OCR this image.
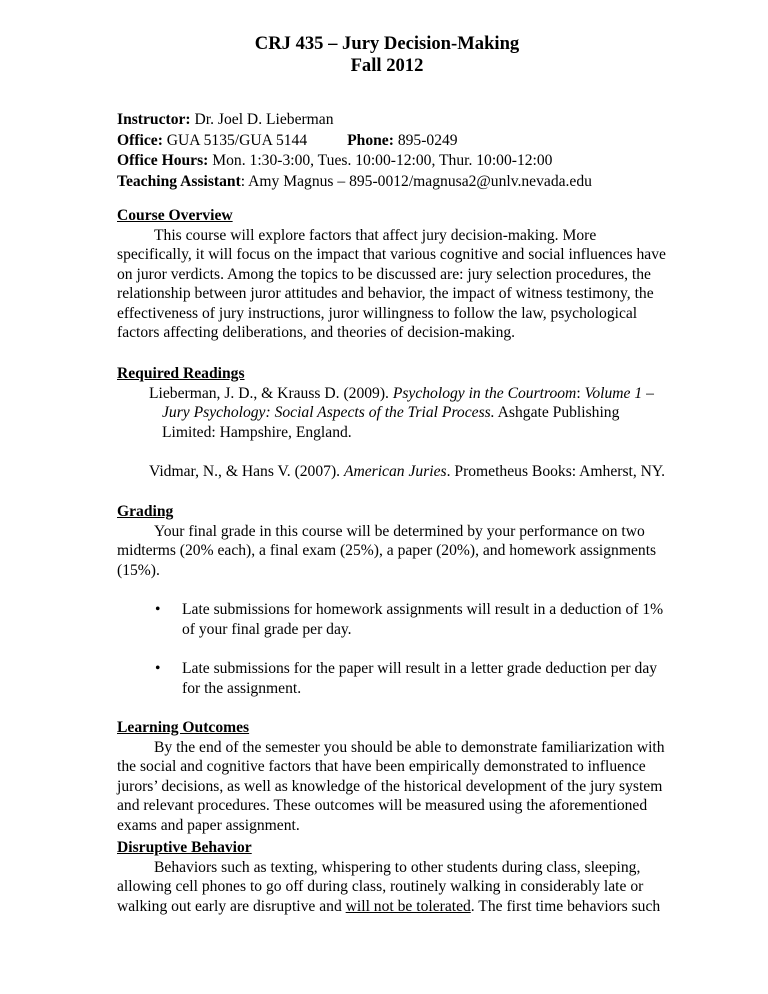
CRJ 435 – Jury Decision-Making
Fall 2012
Instructor: Dr. Joel D. Lieberman
Office: GUA 5135/GUA 5144	Phone: 895-0249
Office Hours: Mon. 1:30-3:00, Tues. 10:00-12:00, Thur. 10:00-12:00
Teaching Assistant: Amy Magnus – 895-0012/magnusa2@unlv.nevada.edu
Course Overview
This course will explore factors that affect jury decision-making. More specifically, it will focus on the impact that various cognitive and social influences have on juror verdicts. Among the topics to be discussed are: jury selection procedures, the relationship between juror attitudes and behavior, the impact of witness testimony, the effectiveness of jury instructions, juror willingness to follow the law, psychological factors affecting deliberations, and theories of decision-making.
Required Readings
Lieberman, J. D., & Krauss D. (2009). Psychology in the Courtroom: Volume 1 – Jury Psychology: Social Aspects of the Trial Process. Ashgate Publishing Limited: Hampshire, England.
Vidmar, N., & Hans V. (2007). American Juries. Prometheus Books: Amherst, NY.
Grading
Your final grade in this course will be determined by your performance on two midterms (20% each), a final exam (25%), a paper (20%), and homework assignments (15%).
• Late submissions for homework assignments will result in a deduction of 1% of your final grade per day.
• Late submissions for the paper will result in a letter grade deduction per day for the assignment.
Learning Outcomes
By the end of the semester you should be able to demonstrate familiarization with the social and cognitive factors that have been empirically demonstrated to influence jurors’ decisions, as well as knowledge of the historical development of the jury system and relevant procedures. These outcomes will be measured using the aforementioned exams and paper assignment.
Disruptive Behavior
Behaviors such as texting, whispering to other students during class, sleeping, allowing cell phones to go off during class, routinely walking in considerably late or walking out early are disruptive and will not be tolerated. The first time behaviors such
